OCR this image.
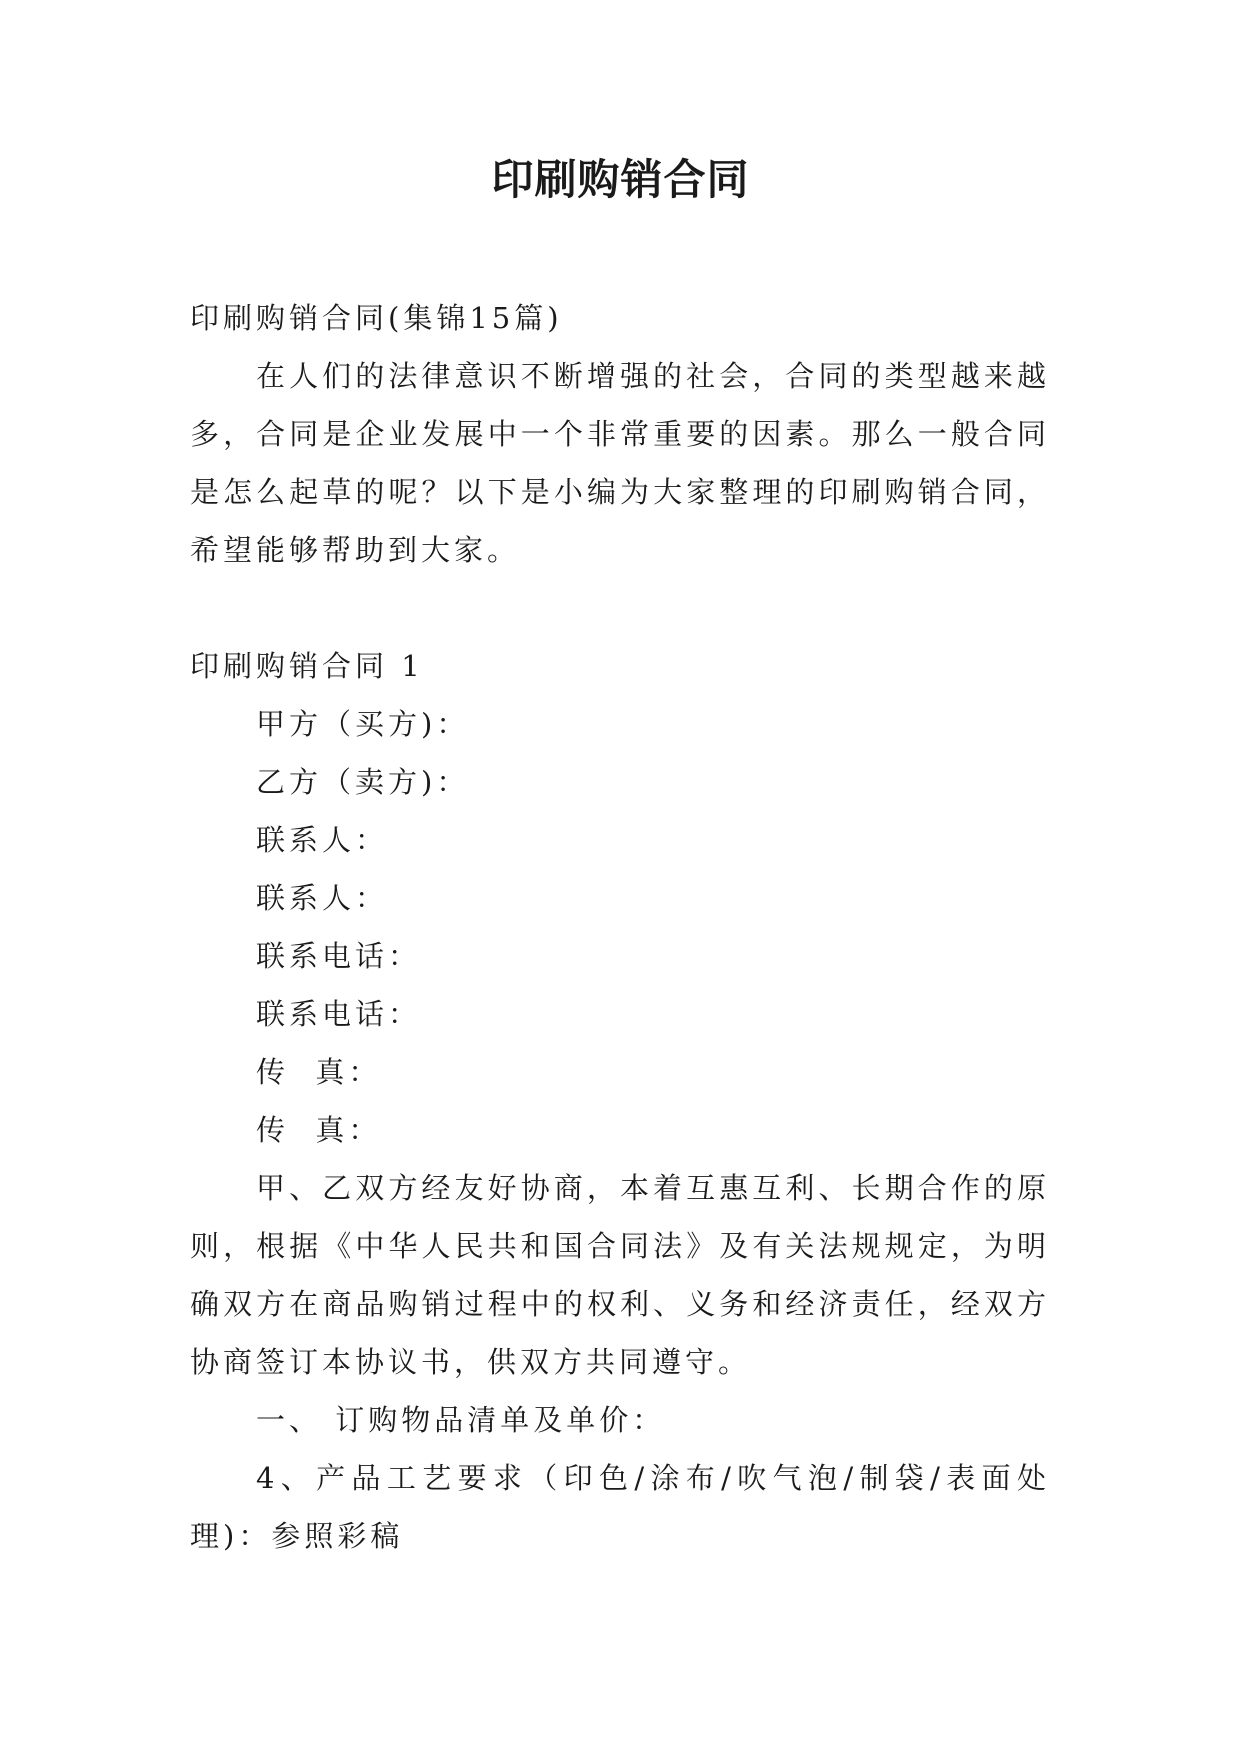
印刷购销合同

印刷购销合同(集锦15篇)

在人们的法律意识不断增强的社会，合同的类型越来越多，合同是企业发展中一个非常重要的因素。那么一般合同是怎么起草的呢？以下是小编为大家整理的印刷购销合同，希望能够帮助到大家。

印刷购销合同 1

甲方（买方)：

乙方（卖方)：

联系人：

联系人：

联系电话：

联系电话：

传  真：

传  真：

甲、乙双方经友好协商，本着互惠互利、长期合作的原则，根据《中华人民共和国合同法》及有关法规规定，为明确双方在商品购销过程中的权利、义务和经济责任，经双方协商签订本协议书，供双方共同遵守。

一、 订购物品清单及单价：

4、产品工艺要求（印色/涂布/吹气泡/制袋/表面处理)：参照彩稿
